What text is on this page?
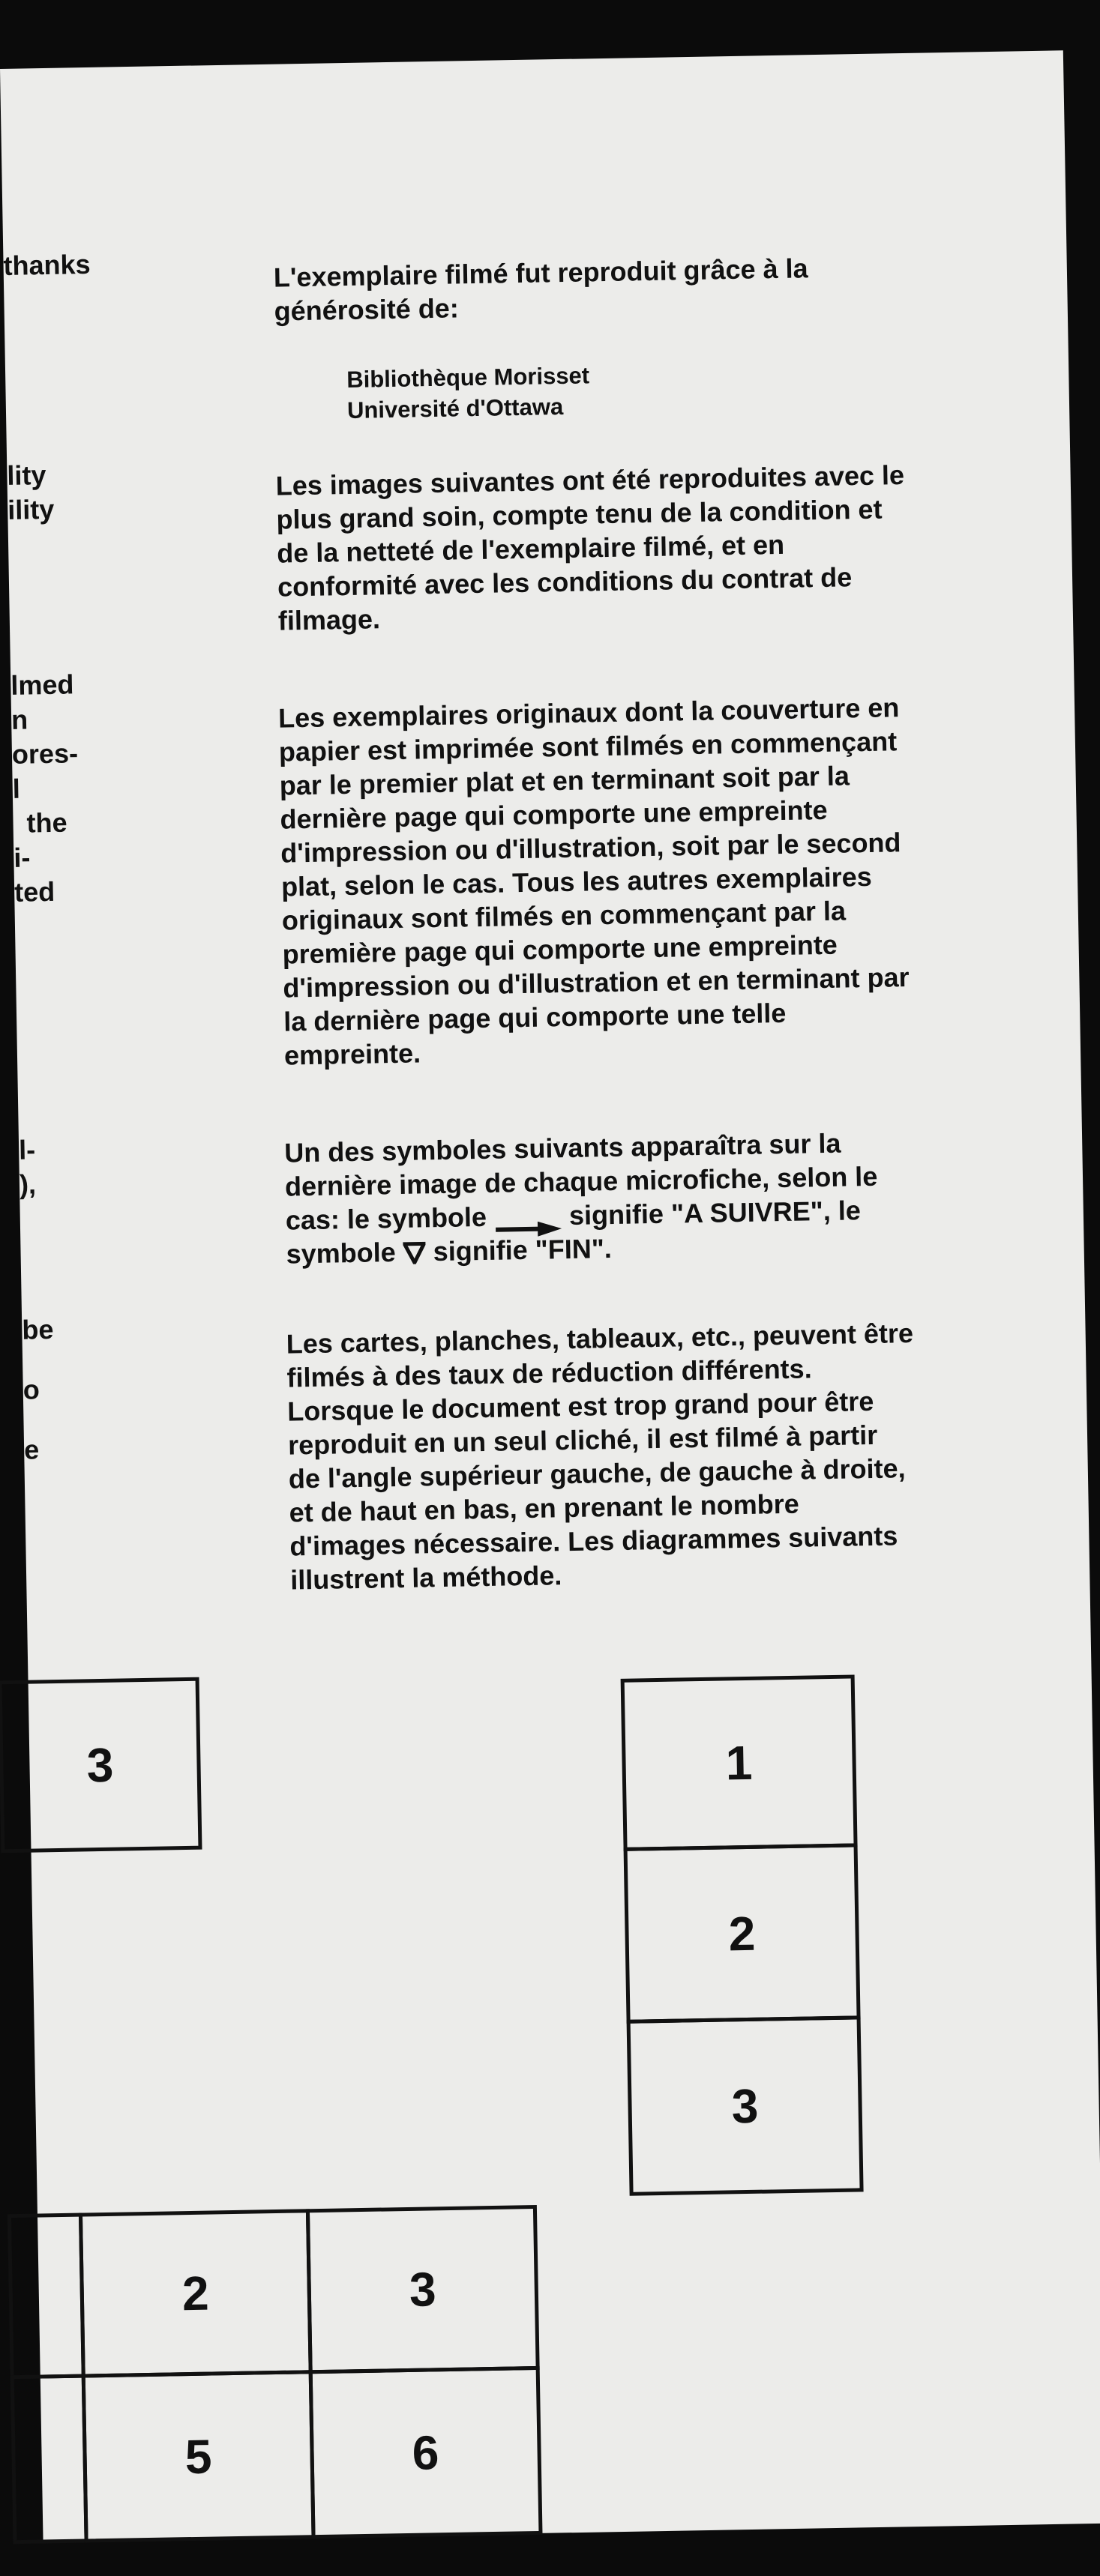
thanks
lity
ility
lmed
n
ores-
l
the
i-
ted
l-
),
be
o
e
L'exemplaire filmé fut reproduit grâce à la
générosité de:
Bibliothèque Morisset
Université d'Ottawa
Les images suivantes ont été reproduites avec le
plus grand soin, compte tenu de la condition et
de la netteté de l'exemplaire filmé, et en
conformité avec les conditions du contrat de
filmage.
Les exemplaires originaux dont la couverture en
papier est imprimée sont filmés en commençant
par le premier plat et en terminant soit par la
dernière page qui comporte une empreinte
d'impression ou d'illustration, soit par le second
plat, selon le cas. Tous les autres exemplaires
originaux sont filmés en commençant par la
première page qui comporte une empreinte
d'impression ou d'illustration et en terminant par
la dernière page qui comporte une telle
empreinte.
Un des symboles suivants apparaîtra sur la
dernière image de chaque microfiche, selon le
cas: le symbole	signifie "A SUIVRE", le
symbole signifie "FIN".
Les cartes, planches, tableaux, etc., peuvent être
filmés à des taux de réduction différents.
Lorsque le document est trop grand pour être
reproduit en un seul cliché, il est filmé à partir
de l'angle supérieur gauche, de gauche à droite,
et de haut en bas, en prenant le nombre
d'images nécessaire. Les diagrammes suivants
illustrent la méthode.
3	1
2
3
2	3
5	6
